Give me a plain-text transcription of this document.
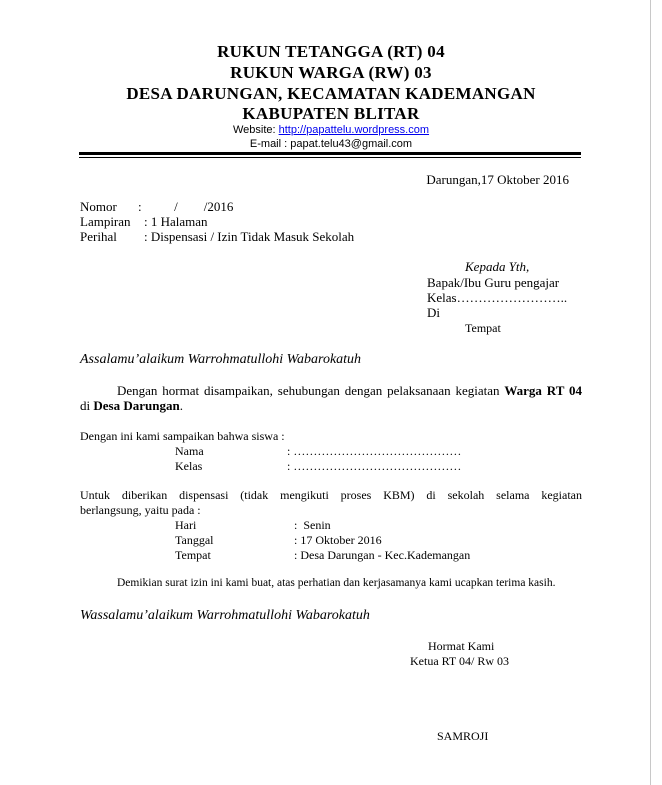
RUKUN TETANGGA (RT) 04
RUKUN WARGA (RW) 03
DESA DARUNGAN, KECAMATAN KADEMANGAN
KABUPATEN BLITAR
Website: http://papattelu.wordpress.com
E-mail : papat.telu43@gmail.com
Darungan,17 Oktober 2016
Nomor :          /        /2016
Lampiran : 1 Halaman
Perihal : Dispensasi / Izin Tidak Masuk Sekolah
Kepada Yth,
Bapak/Ibu Guru pengajar
Kelas……………………..
Di
Tempat
Assalamu’alaikum Warrohmatullohi Wabarokatuh
Dengan hormat disampaikan, sehubungan dengan pelaksanaan kegiatan Warga RT 04
di Desa Darungan.
Dengan ini kami sampaikan bahwa siswa :
Nama	: ……………………………………
Kelas	: ……………………………………
Untuk diberikan dispensasi (tidak mengikuti proses KBM) di sekolah selama kegiatan
berlangsung, yaitu pada :
Hari	:  Senin
Tanggal	: 17 Oktober 2016
Tempat	: Desa Darungan - Kec.Kademangan
Demikian surat izin ini kami buat, atas perhatian dan kerjasamanya kami ucapkan terima kasih.
Wassalamu’alaikum Warrohmatullohi Wabarokatuh
Hormat Kami
Ketua RT 04/ Rw 03
SAMROJI
